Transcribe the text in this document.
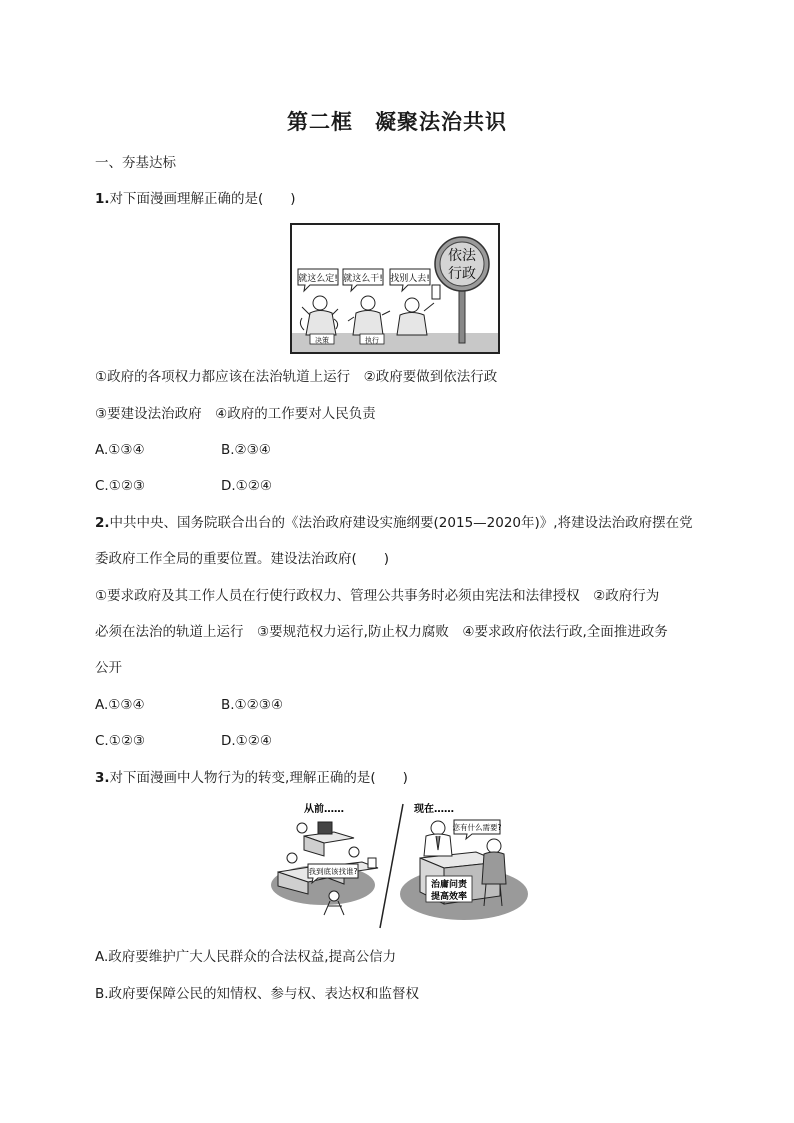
第二框 凝聚法治共识
一、夯基达标
1.对下面漫画理解正确的是(　　)
依法
行政
就这么定! 就这么干! 找别人去!
决策	执行
①政府的各项权力都应该在法治轨道上运行　②政府要做到依法行政
③要建设法治政府　④政府的工作要对人民负责
A.①③④	B.②③④
C.①②③	D.①②④
2.中共中央、国务院联合出台的《法治政府建设实施纲要(2015—2020年)》,将建设法治政府摆在党
委政府工作全局的重要位置。建设法治政府(　　)
①要求政府及其工作人员在行使行政权力、管理公共事务时必须由宪法和法律授权　②政府行为
必须在法治的轨道上运行　③要规范权力运行,防止权力腐败　④要求政府依法行政,全面推进政务
公开
A.①③④	B.①②③④
C.①②③	D.①②④
3.对下面漫画中人物行为的转变,理解正确的是(　　)
从前……	现在……
我到底该找谁?
您有什么需要?
治庸问责
提高效率
A.政府要维护广大人民群众的合法权益,提高公信力
B.政府要保障公民的知情权、参与权、表达权和监督权
